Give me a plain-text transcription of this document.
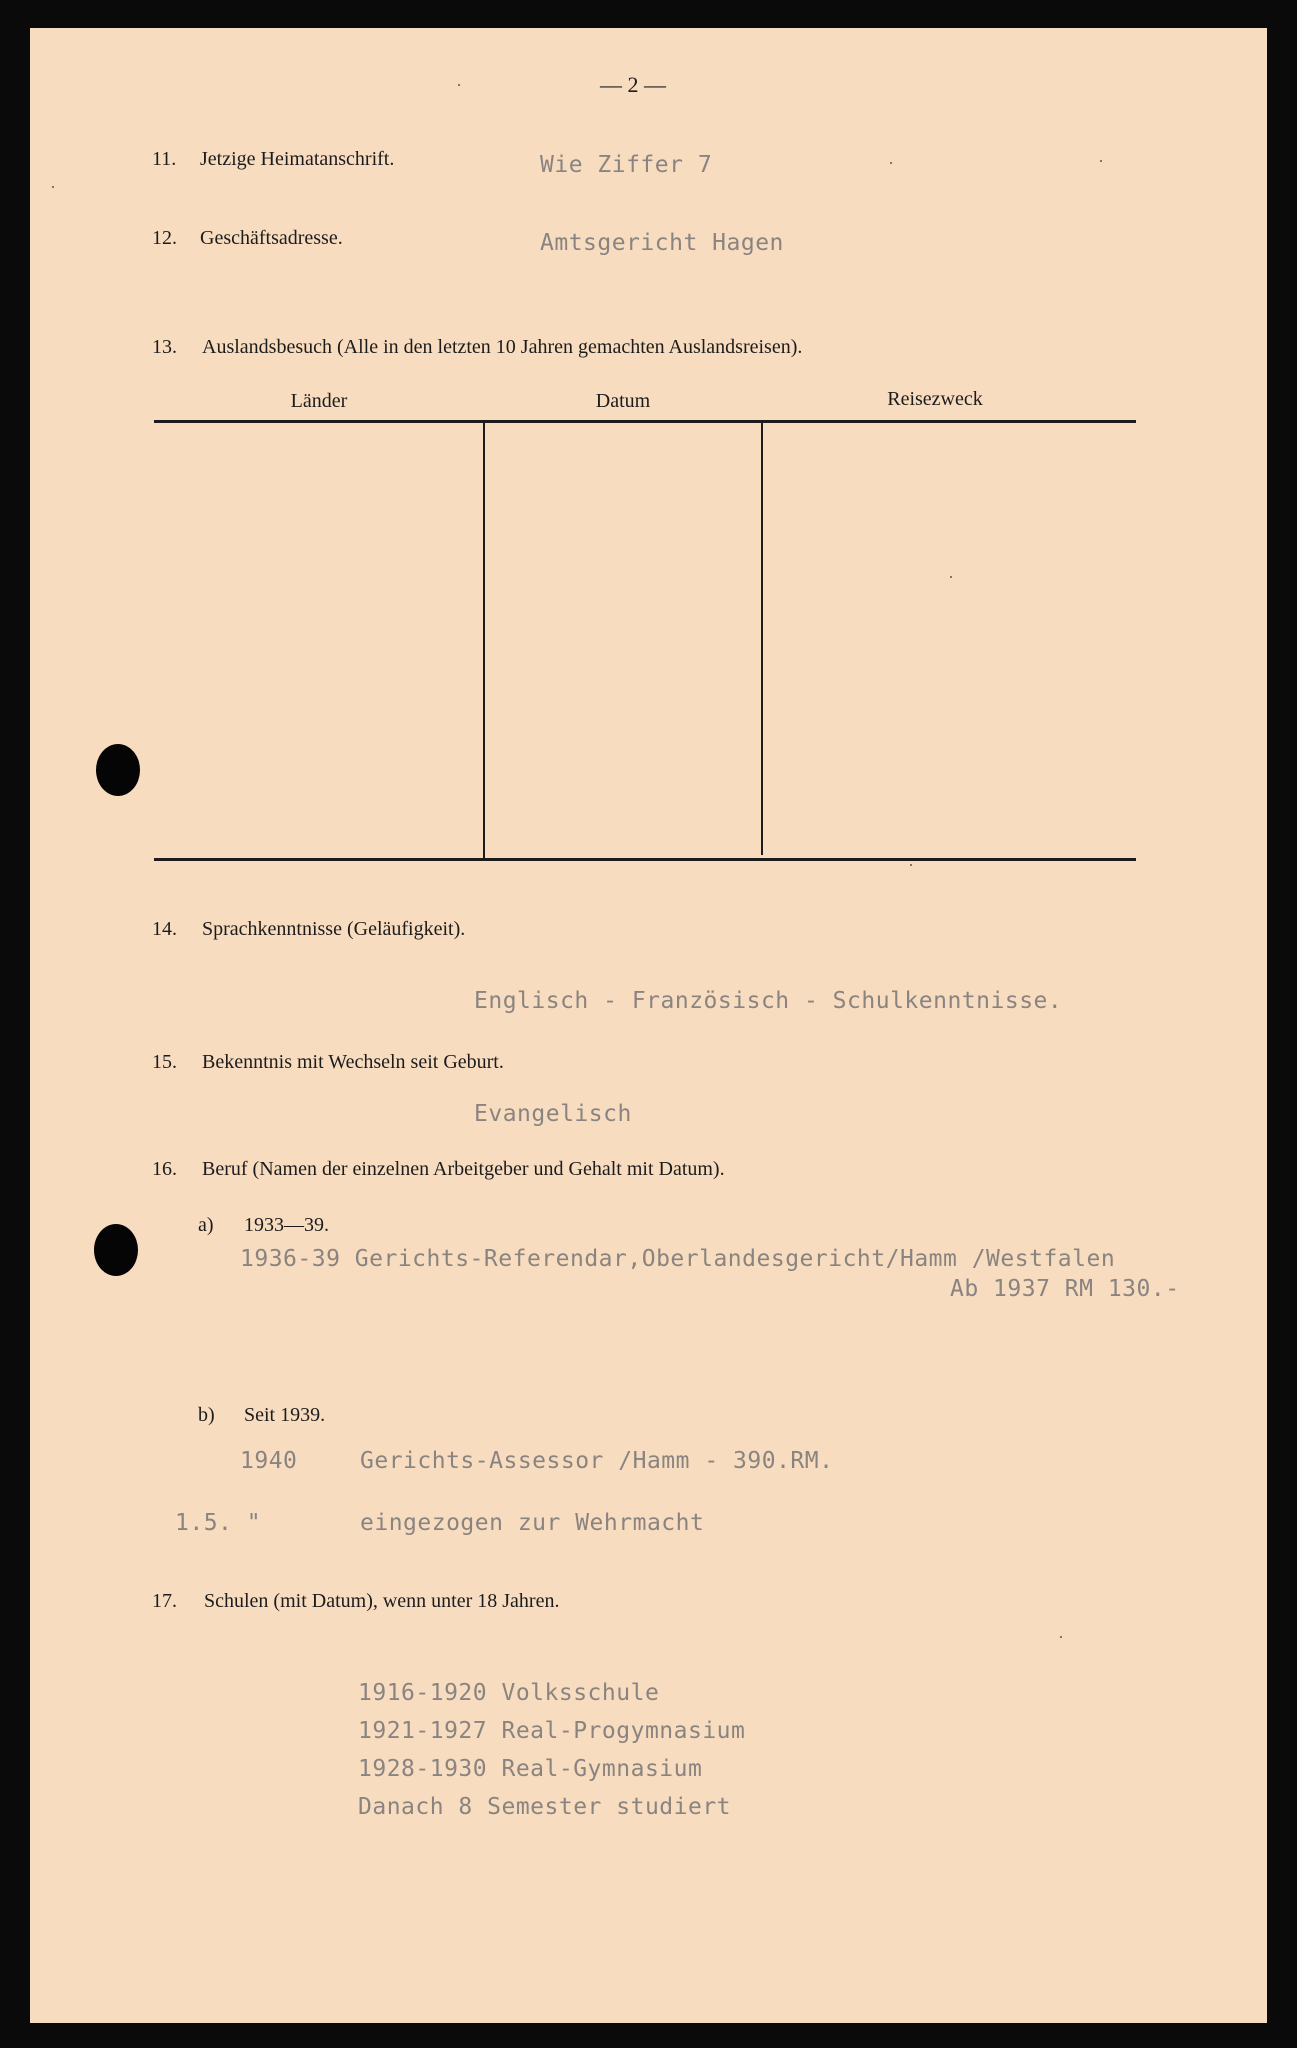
— 2 —
11. Jetzige Heimatanschrift.	Wie Ziffer 7
12. Geschäftsadresse.	Amtsgericht Hagen
13. Auslandsbesuch (Alle in den letzten 10 Jahren gemachten Auslandsreisen).
Länder	Datum	Reisezweck
14. Sprachkenntnisse (Geläufigkeit).
Englisch - Französisch - Schulkenntnisse.
15. Bekenntnis mit Wechseln seit Geburt.
Evangelisch
16. Beruf (Namen der einzelnen Arbeitgeber und Gehalt mit Datum).
a) 1933—39.
1936-39 Gerichts-Referendar,Oberlandesgericht/Hamm /Westfalen
Ab 1937 RM 130.-
b) Seit 1939.
1940	Gerichts-Assessor /Hamm - 390.RM.
1.5. "	eingezogen zur Wehrmacht
17. Schulen (mit Datum), wenn unter 18 Jahren.
1916-1920 Volksschule
1921-1927 Real-Progymnasium
1928-1930 Real-Gymnasium
Danach 8 Semester studiert
